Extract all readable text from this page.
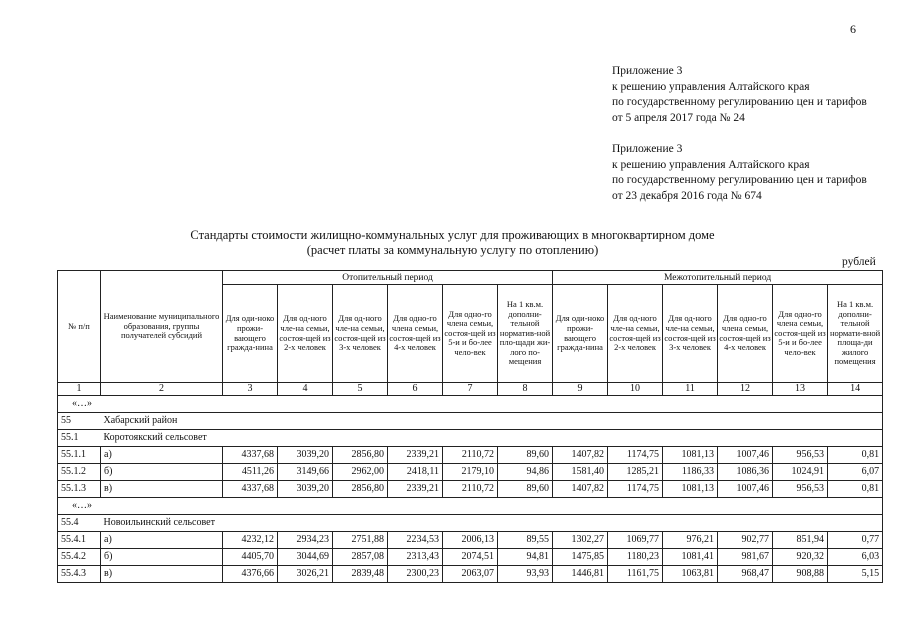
6
Приложение 3
к решению управления Алтайского края
по государственному регулированию цен и тарифов
от 5 апреля 2017 года № 24
Приложение 3
к решению управления Алтайского края
по государственному регулированию цен и тарифов
от 23 декабря 2016 года № 674
Стандарты стоимости жилищно-коммунальных услуг для проживающих в многоквартирном доме
(расчет платы за коммунальную услугу по отоплению)
рублей
№ п/п	Наименование муниципального образования, группы получателей субсидий	Отопительный период						Межотопительный период					
		Для оди-ноко прожи-вающего гражда-нина	Для од-ного чле-на семьи, состоя-щей из 2-х человек	Для од-ного чле-на семьи, состоя-щей из 3-х человек	Для одно-го члена семьи, состоя-щей из 4-х человек	Для одно-го члена семьи, состоя-щей из 5-и и бо-лее чело-век	На 1 кв.м. дополни-тельной норматив-ной пло-щади жи-лого по-мещения	Для оди-ноко прожи-вающего гражда-нина	Для од-ного чле-на семьи, состоя-щей из 2-х человек	Для од-ного чле-на семьи, состоя-щей из 3-х человек	Для одно-го члена семьи, состоя-щей из 4-х человек	Для одно-го члена семьи, состоя-щей из 5-и и бо-лее чело-век	На 1 кв.м. дополни-тельной нормати-вной площа-ди жилого помещения
1	2	3	4	5	6	7	8	9	10	11	12	13	14
«…»													
55	Хабарский район												
55.1	Коротоякский сельсовет												
55.1.1	а)	4337,68	3039,20	2856,80	2339,21	2110,72	89,60	1407,82	1174,75	1081,13	1007,46	956,53	0,81
55.1.2	б)	4511,26	3149,66	2962,00	2418,11	2179,10	94,86	1581,40	1285,21	1186,33	1086,36	1024,91	6,07
55.1.3	в)	4337,68	3039,20	2856,80	2339,21	2110,72	89,60	1407,82	1174,75	1081,13	1007,46	956,53	0,81
«…»													
55.4	Новоильинский сельсовет												
55.4.1	а)	4232,12	2934,23	2751,88	2234,53	2006,13	89,55	1302,27	1069,77	976,21	902,77	851,94	0,77
55.4.2	б)	4405,70	3044,69	2857,08	2313,43	2074,51	94,81	1475,85	1180,23	1081,41	981,67	920,32	6,03
55.4.3	в)	4376,66	3026,21	2839,48	2300,23	2063,07	93,93	1446,81	1161,75	1063,81	968,47	908,88	5,15
